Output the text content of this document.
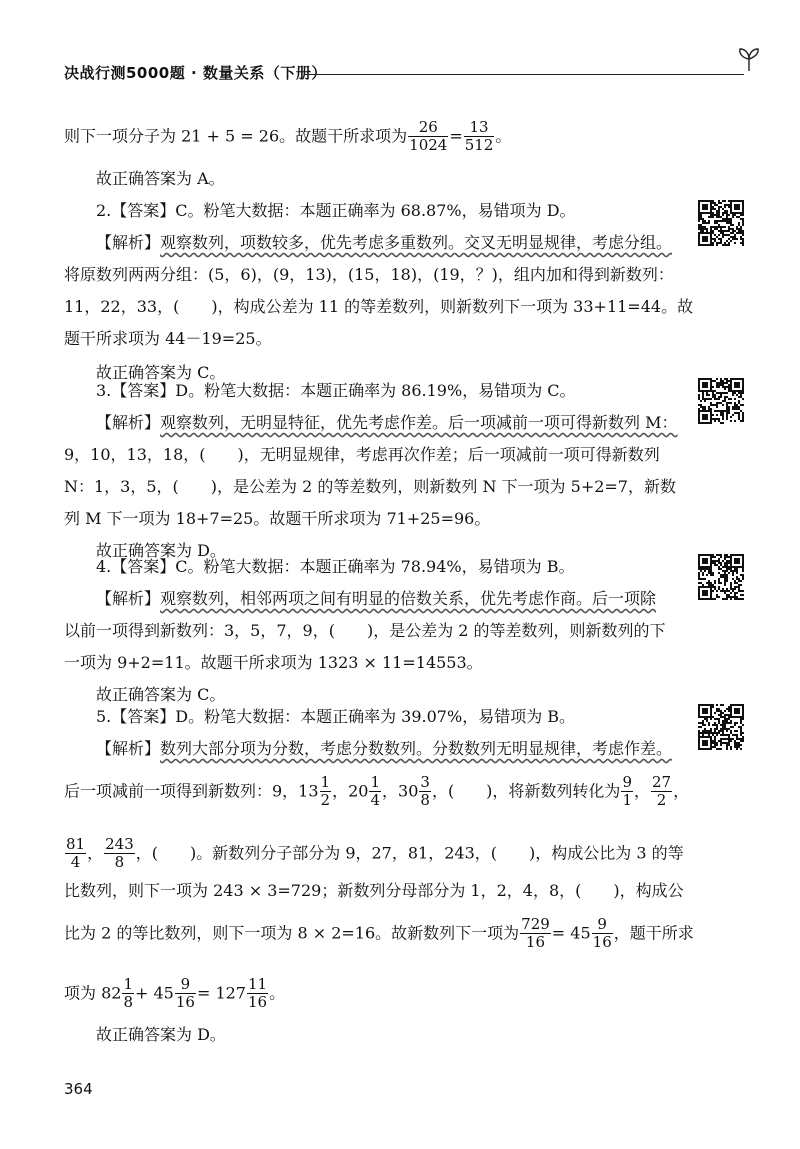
决战行测5000题 · 数量关系（下册）
则下一项分子为 21 + 5 = 26。故题干所求项为 $\frac{26}{1024} = \frac{13}{512}$ 。
故正确答案为 A。
2.【答案】C。粉笔大数据：本题正确率为 68.87%，易错项为 D。
【解析】观察数列，项数较多，优先考虑多重数列。交叉无明显规律，考虑分组。
将原数列两两分组：(5，6)，(9，13)，(15，18)，(19，？)，组内加和得到新数列：
11，22，33，(　　)，构成公差为 11 的等差数列，则新数列下一项为 33+11=44。故
题干所求项为 44－19=25。
故正确答案为 C。
3.【答案】D。粉笔大数据：本题正确率为 86.19%，易错项为 C。
【解析】观察数列，无明显特征，优先考虑作差。后一项减前一项可得新数列 M：
9，10，13，18，(　　)，无明显规律，考虑再次作差；后一项减前一项可得新数列
N：1，3，5，(　　)，是公差为 2 的等差数列，则新数列 N 下一项为 5+2=7，新数
列 M 下一项为 18+7=25。故题干所求项为 71+25=96。
故正确答案为 D。
4.【答案】C。粉笔大数据：本题正确率为 78.94%，易错项为 B。
【解析】观察数列，相邻两项之间有明显的倍数关系，优先考虑作商。后一项除
以前一项得到新数列：3，5，7，9，(　　)，是公差为 2 的等差数列，则新数列的下
一项为 9+2=11。故题干所求项为 1323 × 11=14553。
故正确答案为 C。
5.【答案】D。粉笔大数据：本题正确率为 39.07%，易错项为 B。
【解析】数列大部分项为分数，考虑分数数列。分数数列无明显规律，考虑作差。
后一项减前一项得到新数列：9，$13 \frac{1}{2}$ ，$20 \frac{1}{4}$ ，$30 \frac{3}{8}$ ，(　　)，将新数列转化为 $\frac{9}{1}$ ， $\frac{27}{2}$ ，
$\frac{81}{4}$ ， $\frac{243}{8}$ ，(　　)。新数列分子部分为 9，27，81，243，(　　)，构成公比为 3 的等
比数列，则下一项为 243 × 3=729；新数列分母部分为 1，2，4，8，(　　)，构成公
比为 2 的等比数列，则下一项为 8 × 2=16。故新数列下一项为 $\frac{729}{16} = 45 \frac{9}{16}$ ，题干所求
项为 $82 \frac{1}{8} + 45 \frac{9}{16} = 127 \frac{11}{16}$ 。
故正确答案为 D。
364
